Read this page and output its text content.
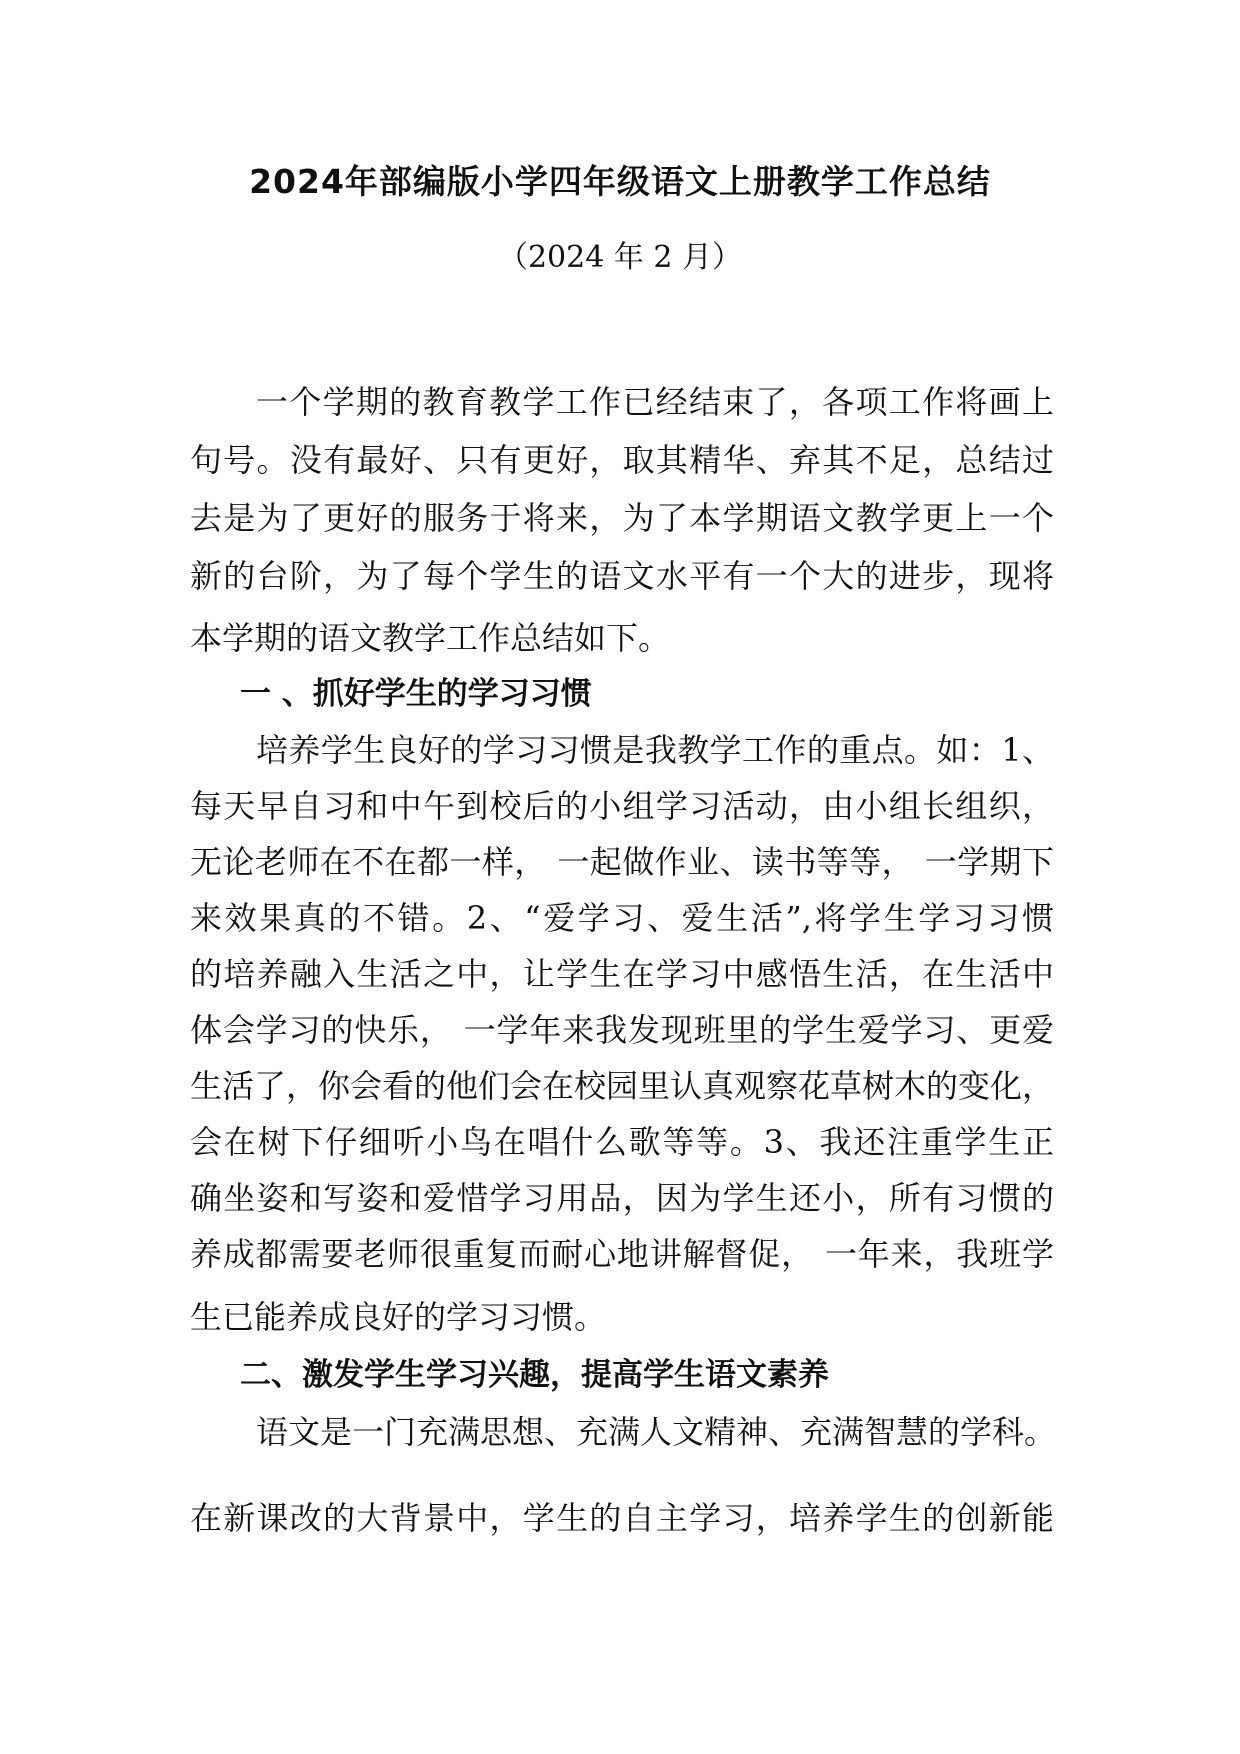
2024年部编版小学四年级语文上册教学工作总结
（2024 年 2 月）
一个学期的教育教学工作已经结束了，各项工作将画上
句号。没有最好、只有更好，取其精华、弃其不足，总结过
去是为了更好的服务于将来，为了本学期语文教学更上一个
新的台阶，为了每个学生的语文水平有一个大的进步，现将
本学期的语文教学工作总结如下。
一 、抓好学生的学习习惯
培养学生良好的学习习惯是我教学工作的重点。如：1、
每天早自习和中午到校后的小组学习活动，由小组长组织，
无论老师在不在都一样， 一起做作业、读书等等， 一学期下
来效果真的不错。2、“爱学习、爱生活”,将学生学习习惯
的培养融入生活之中，让学生在学习中感悟生活，在生活中
体会学习的快乐， 一学年来我发现班里的学生爱学习、更爱
生活了，你会看的他们会在校园里认真观察花草树木的变化，
会在树下仔细听小鸟在唱什么歌等等。3、我还注重学生正
确坐姿和写姿和爱惜学习用品，因为学生还小，所有习惯的
养成都需要老师很重复而耐心地讲解督促， 一年来，我班学
生已能养成良好的学习习惯。
二、激发学生学习兴趣，提高学生语文素养
语文是一门充满思想、充满人文精神、充满智慧的学科。
在新课改的大背景中，学生的自主学习，培养学生的创新能
